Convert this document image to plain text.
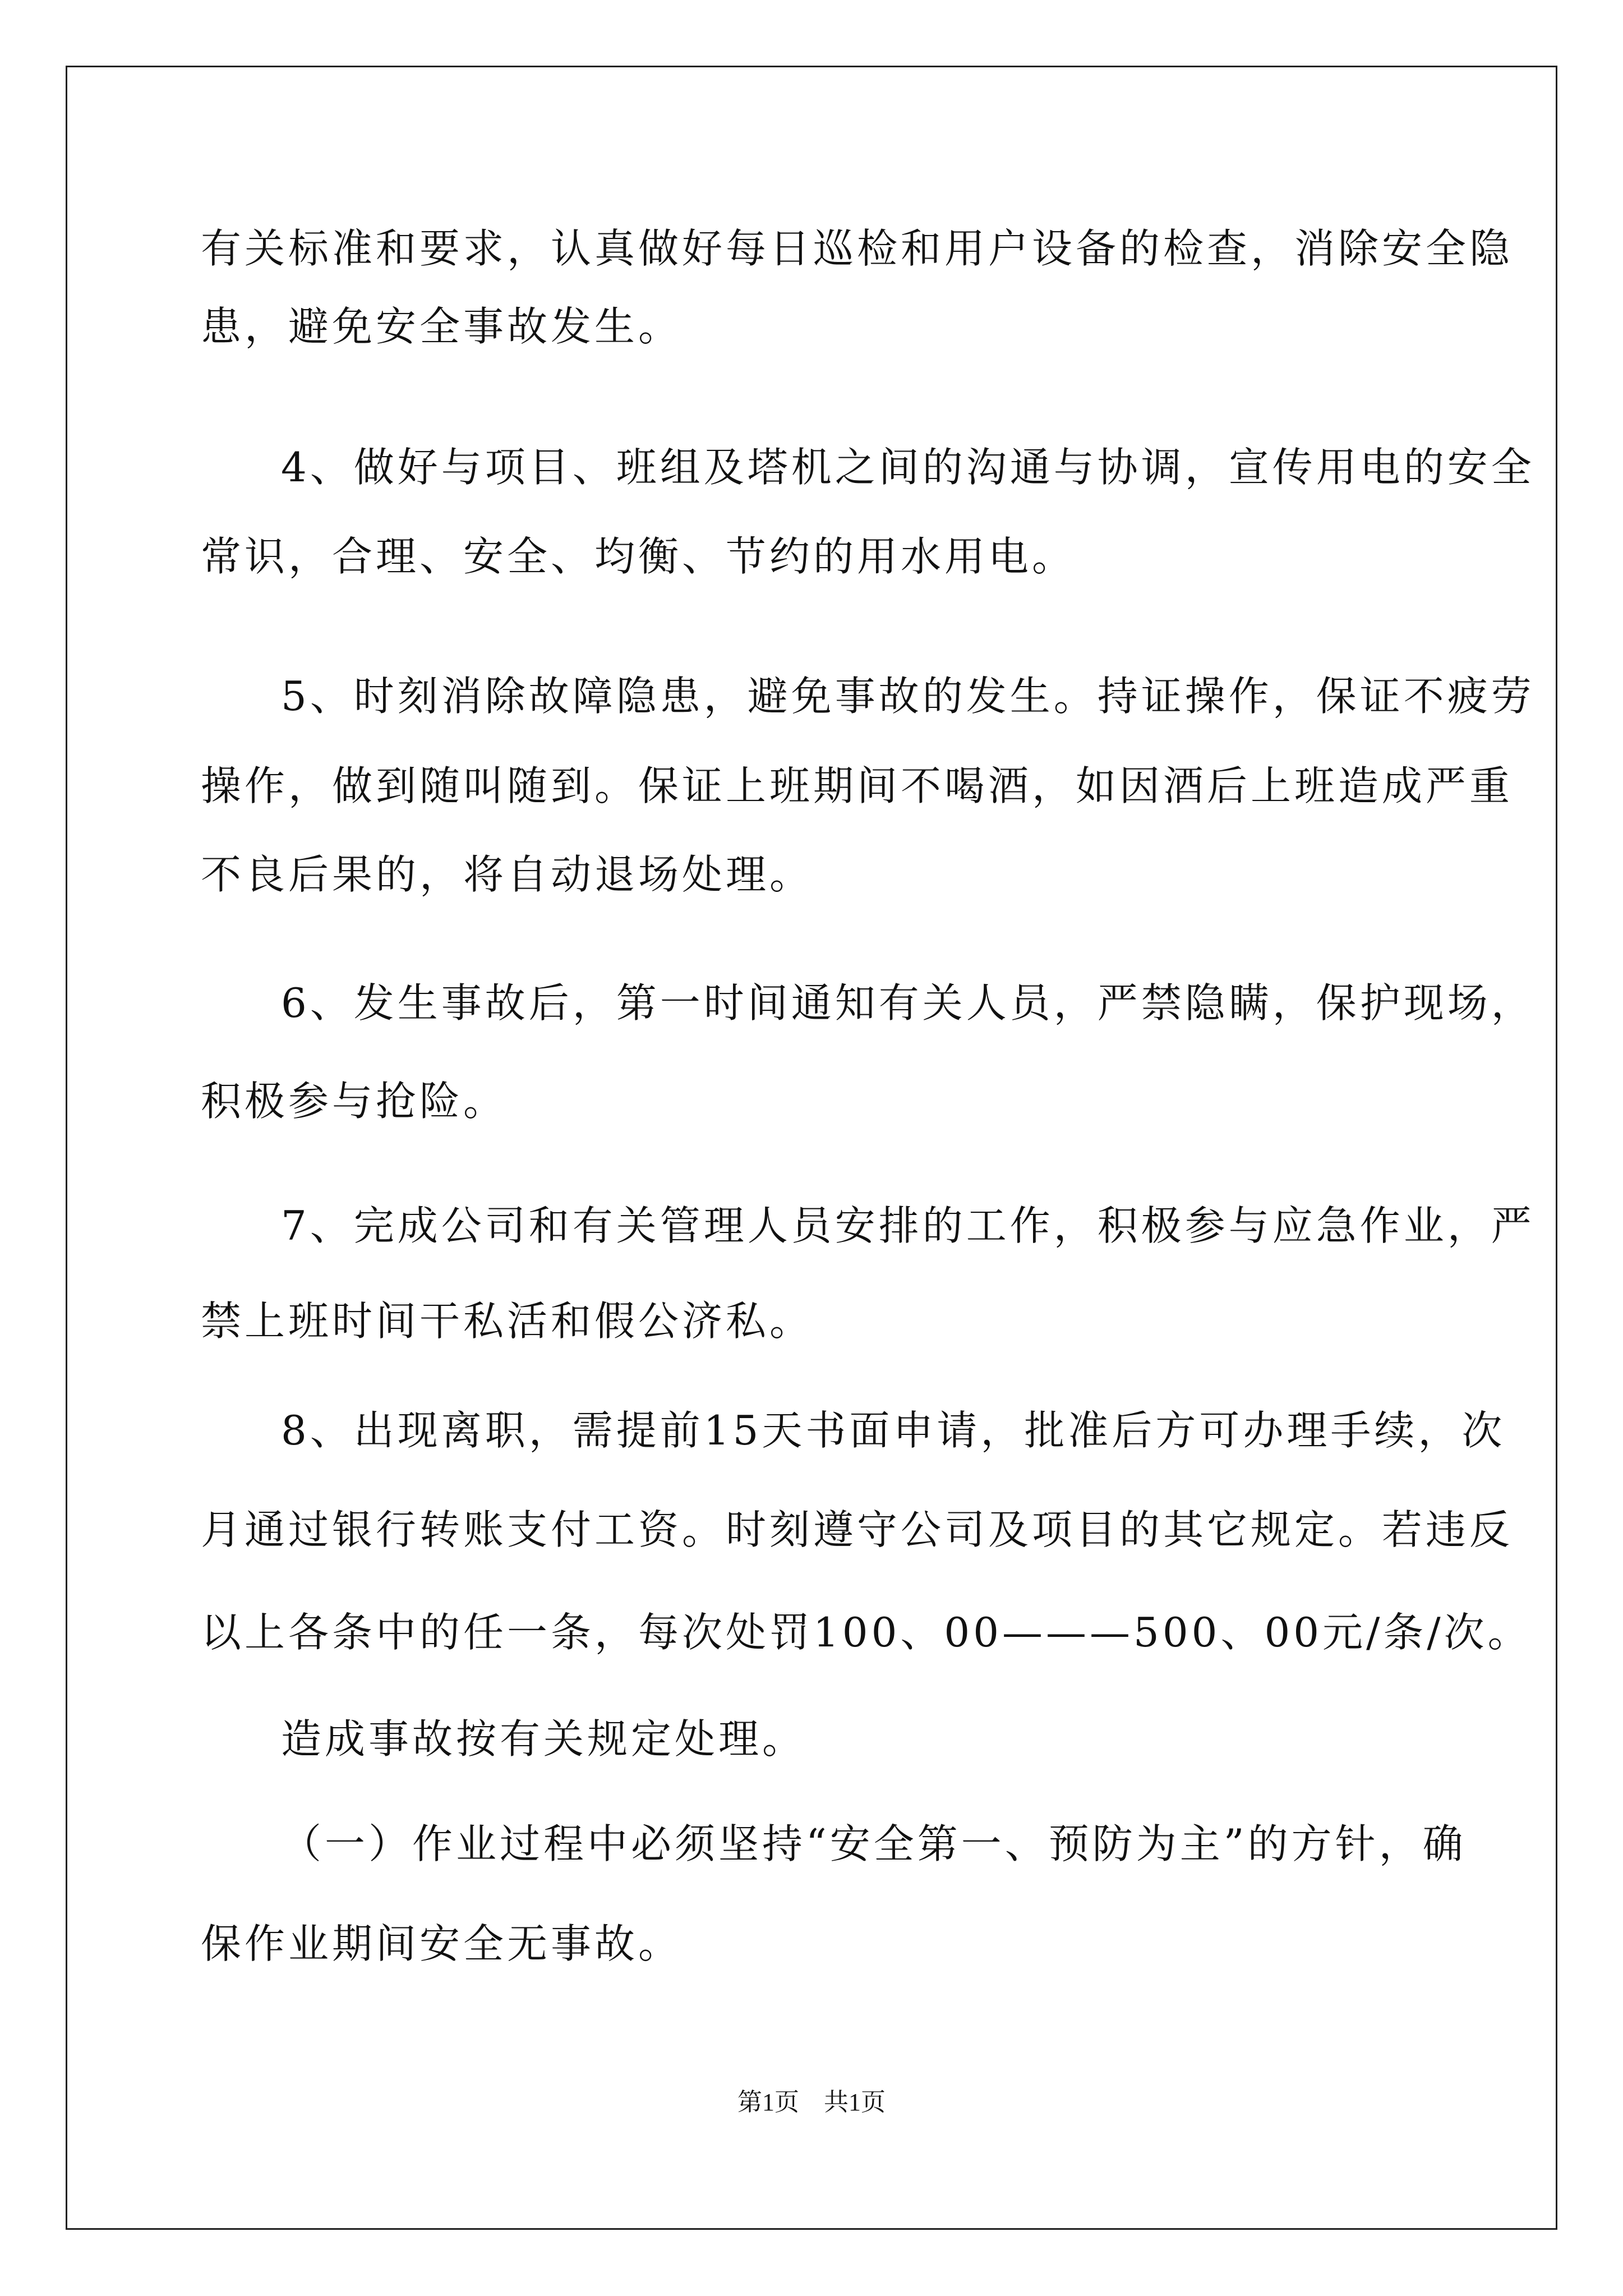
有关标准和要求，认真做好每日巡检和用户设备的检查，消除安全隐
患，避免安全事故发生。
4、做好与项目、班组及塔机之间的沟通与协调，宣传用电的安全
常识，合理、安全、均衡、节约的用水用电。
5、时刻消除故障隐患，避免事故的发生。持证操作，保证不疲劳
操作，做到随叫随到。保证上班期间不喝酒，如因酒后上班造成严重
不良后果的，将自动退场处理。
6、发生事故后，第一时间通知有关人员，严禁隐瞒，保护现场，
积极参与抢险。
7、完成公司和有关管理人员安排的工作，积极参与应急作业，严
禁上班时间干私活和假公济私。
8、出现离职，需提前15天书面申请，批准后方可办理手续，次
月通过银行转账支付工资。时刻遵守公司及项目的其它规定。若违反
以上各条中的任一条，每次处罚100、00———500、00元/条/次。
造成事故按有关规定处理。
（一）作业过程中必须坚持“安全第一、预防为主”的方针，确
保作业期间安全无事故。
第1页　共1页
